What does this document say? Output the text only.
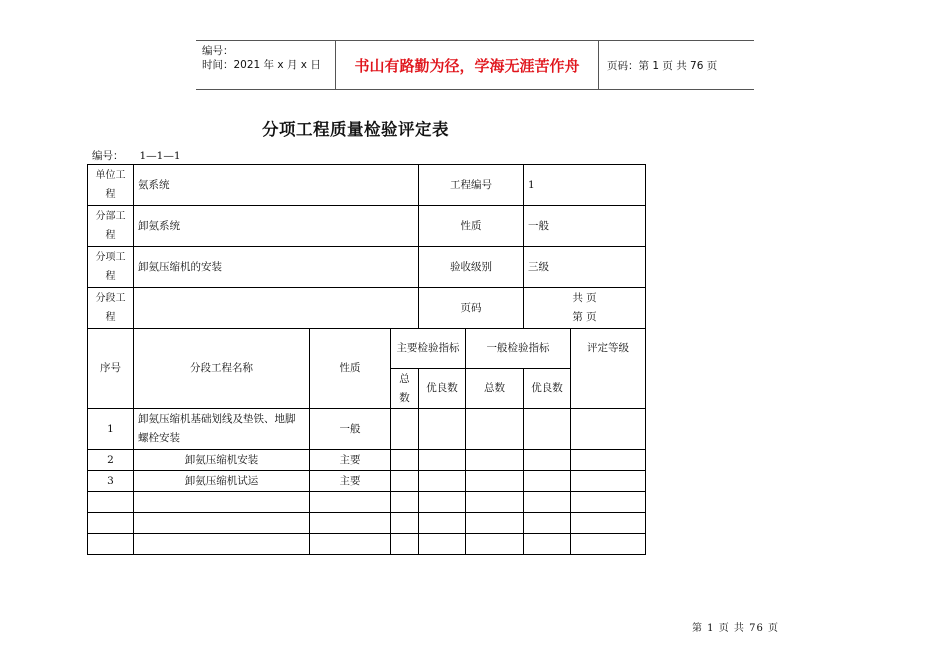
编号：
时间：2021 年 x 月 x 日	书山有路勤为径，学海无涯苦作舟	页码：第 1 页 共 76 页
分项工程质量检验评定表
编号： 1—1—1
单位工程	氨系统			工程编号		1	
分部工程	卸氨系统			性质		一般	
分项工程	卸氨压缩机的安装			验收级别		三级	
分段工程				页码		共 页
第 页	

序号	分段工程名称	性质	主要检验指标		一般检验指标		评定等级
			总数	优良数	总数	优良数	
1	卸氨压缩机基础划线及垫铁、地脚螺栓安装	一般					
2	卸氨压缩机安装	主要					
3	卸氨压缩机试运	主要					

第 1 页 共 76 页
